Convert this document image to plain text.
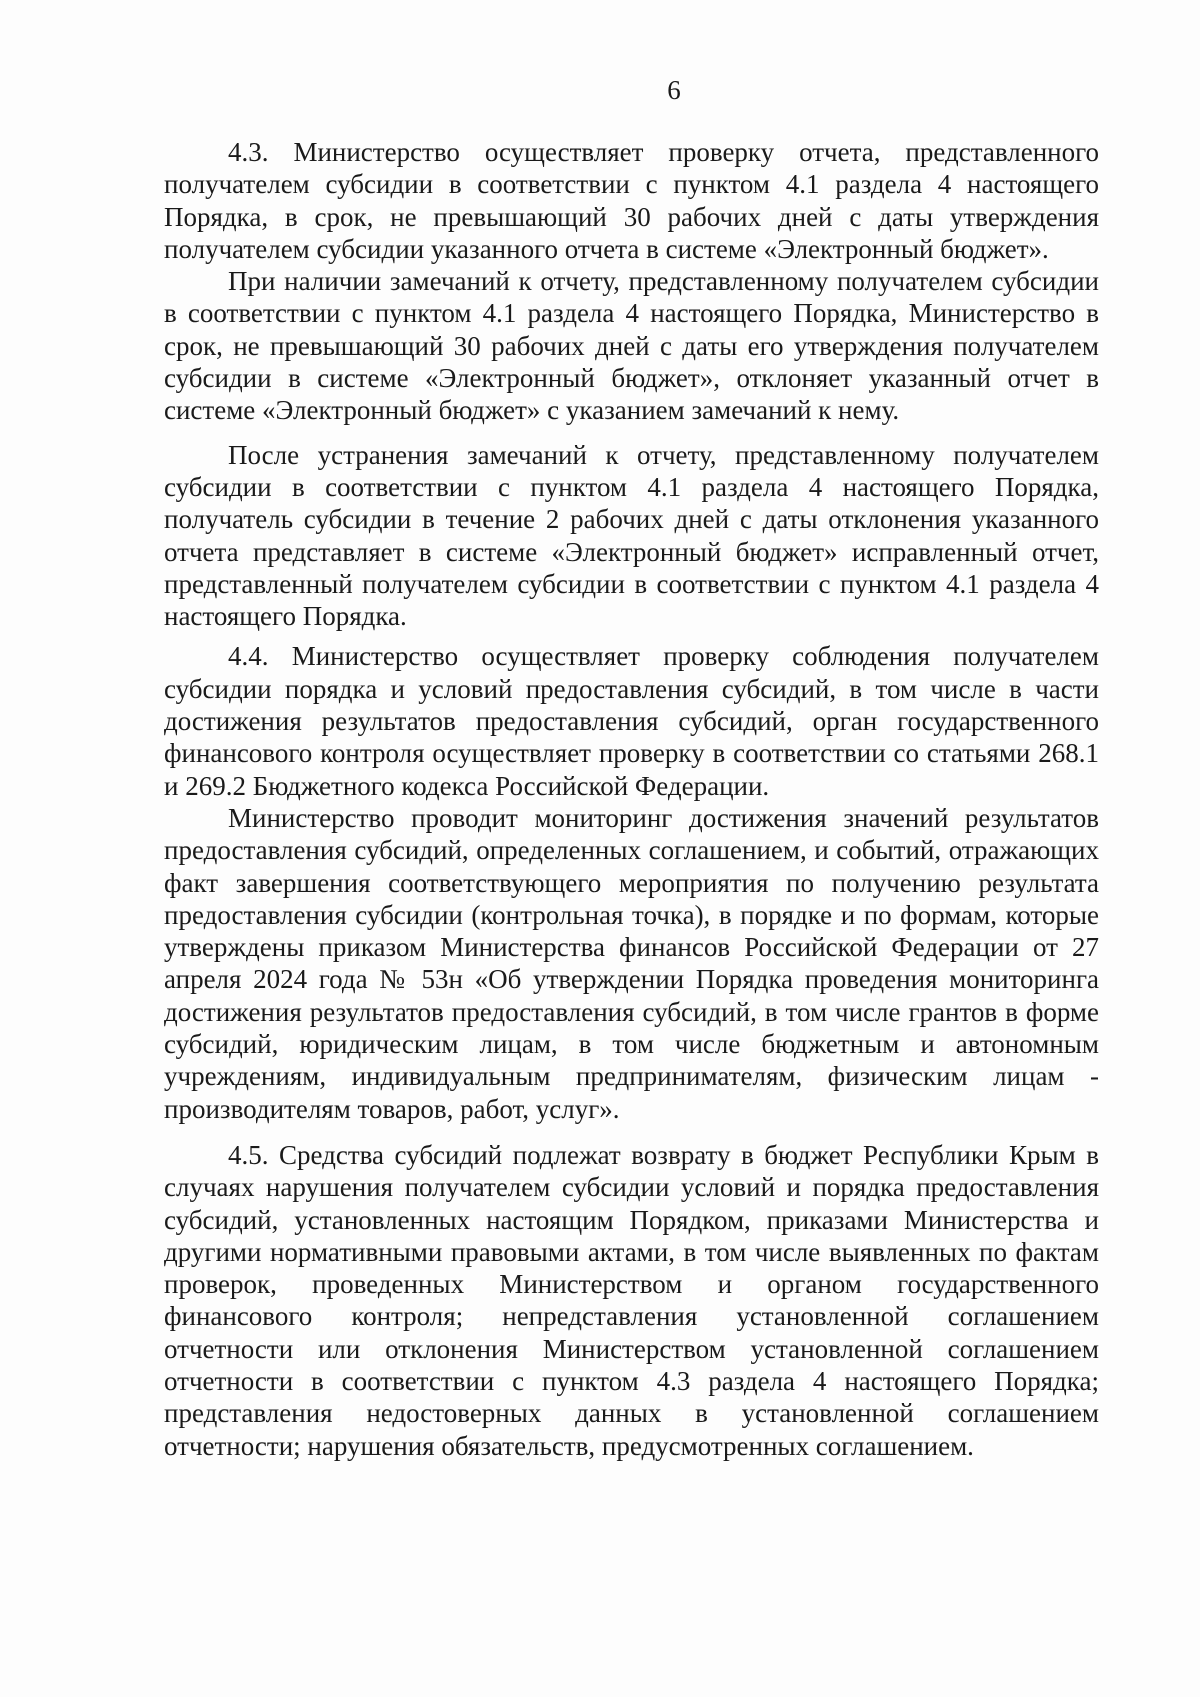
6

4.3. Министерство осуществляет проверку отчета, представленного получателем субсидии в соответствии с пунктом 4.1 раздела 4 настоящего Порядка, в срок, не превышающий 30 рабочих дней с даты утверждения получателем субсидии указанного отчета в системе «Электронный бюджет».

При наличии замечаний к отчету, представленному получателем субсидии в соответствии с пунктом 4.1 раздела 4 настоящего Порядка, Министерство в срок, не превышающий 30 рабочих дней с даты его утверждения получателем субсидии в системе «Электронный бюджет», отклоняет указанный отчет в системе «Электронный бюджет» с указанием замечаний к нему.

После устранения замечаний к отчету, представленному получателем субсидии в соответствии с пунктом 4.1 раздела 4 настоящего Порядка, получатель субсидии в течение 2 рабочих дней с даты отклонения указанного отчета представляет в системе «Электронный бюджет» исправленный отчет, представленный получателем субсидии в соответствии с пунктом 4.1 раздела 4 настоящего Порядка.

4.4. Министерство осуществляет проверку соблюдения получателем субсидии порядка и условий предоставления субсидий, в том числе в части достижения результатов предоставления субсидий, орган государственного финансового контроля осуществляет проверку в соответствии со статьями 268.1 и 269.2 Бюджетного кодекса Российской Федерации.

Министерство проводит мониторинг достижения значений результатов предоставления субсидий, определенных соглашением, и событий, отражающих факт завершения соответствующего мероприятия по получению результата предоставления субсидии (контрольная точка), в порядке и по формам, которые утверждены приказом Министерства финансов Российской Федерации от 27 апреля 2024 года № 53н «Об утверждении Порядка проведения мониторинга достижения результатов предоставления субсидий, в том числе грантов в форме субсидий, юридическим лицам, в том числе бюджетным и автономным учреждениям, индивидуальным предпринимателям, физическим лицам - производителям товаров, работ, услуг».

4.5. Средства субсидий подлежат возврату в бюджет Республики Крым в случаях нарушения получателем субсидии условий и порядка предоставления субсидий, установленных настоящим Порядком, приказами Министерства и другими нормативными правовыми актами, в том числе выявленных по фактам проверок, проведенных Министерством и органом государственного финансового контроля; непредставления установленной соглашением отчетности или отклонения Министерством установленной соглашением отчетности в соответствии с пунктом 4.3 раздела 4 настоящего Порядка; представления недостоверных данных в установленной соглашением отчетности; нарушения обязательств, предусмотренных соглашением.
